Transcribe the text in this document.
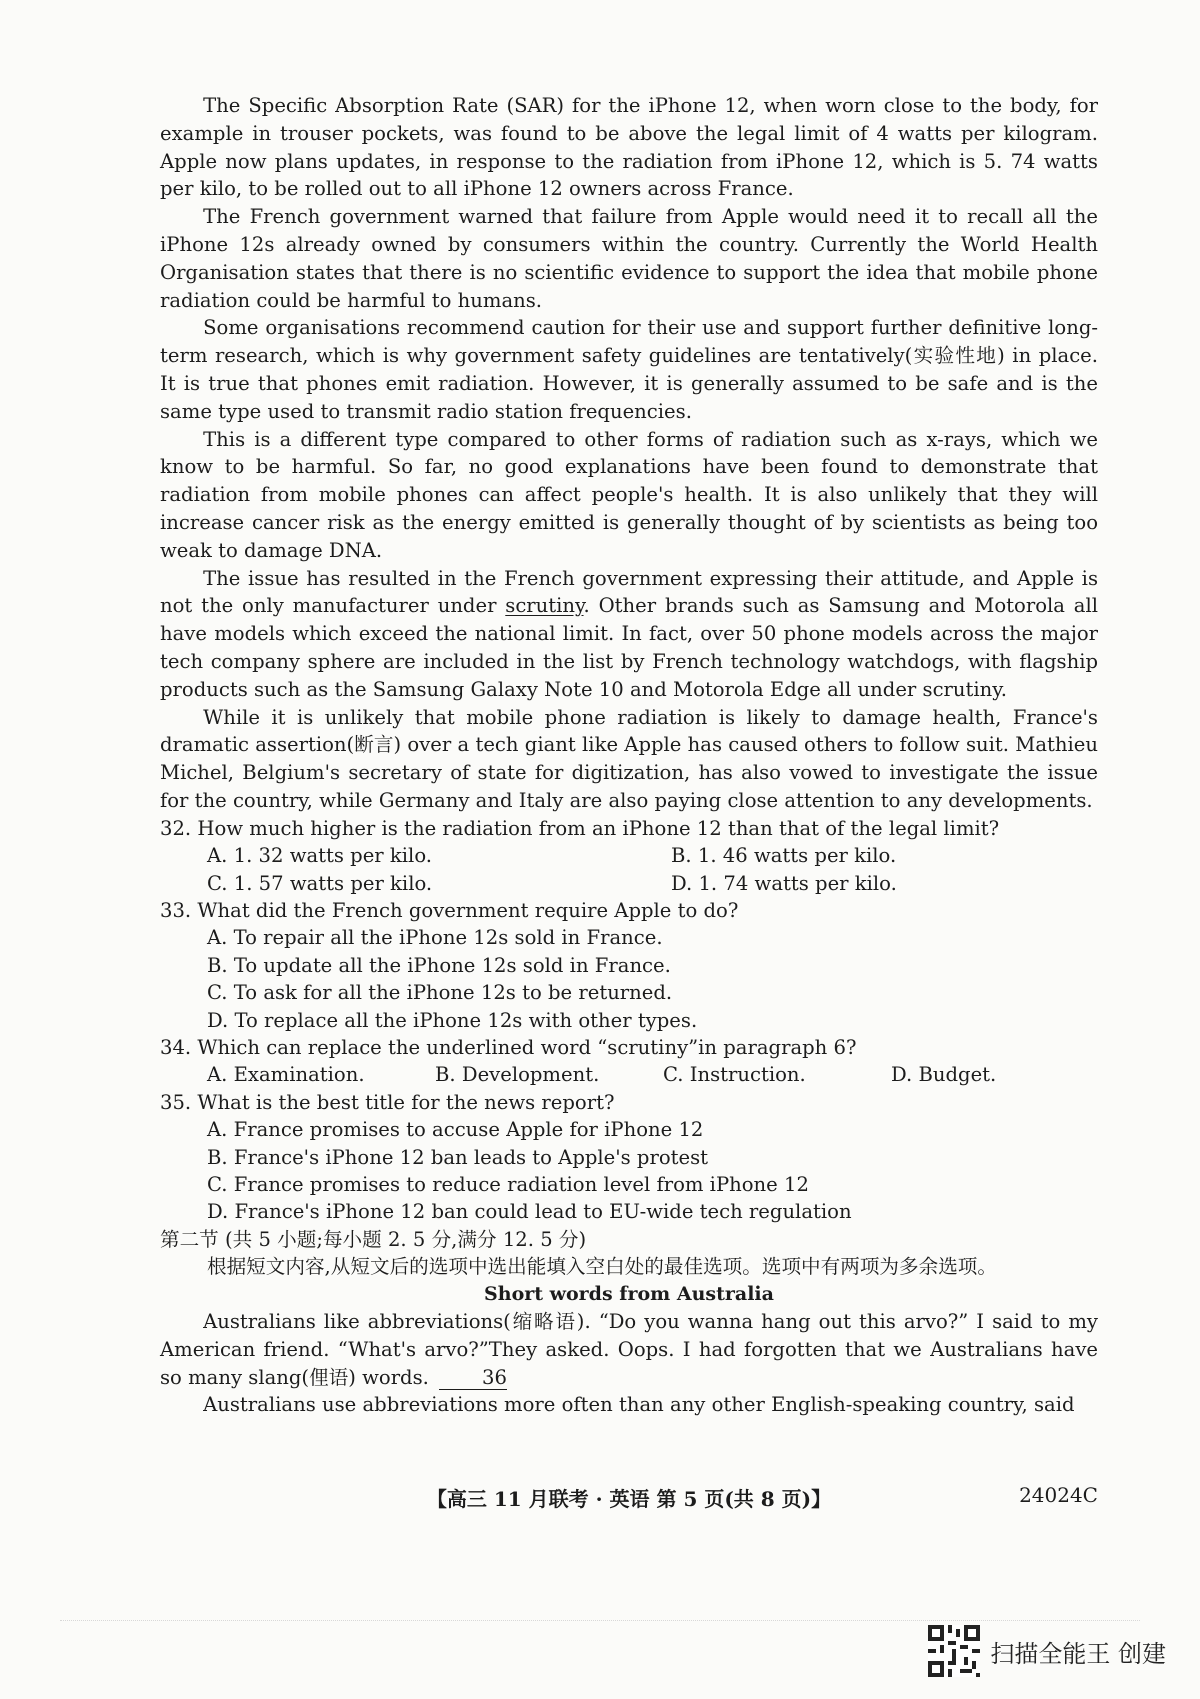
The Specific Absorption Rate (SAR) for the iPhone 12, when worn close to the body, for example in trouser pockets, was found to be above the legal limit of 4 watts per kilogram. Apple now plans updates, in response to the radiation from iPhone 12, which is 5. 74 watts per kilo, to be rolled out to all iPhone 12 owners across France.

The French government warned that failure from Apple would need it to recall all the iPhone 12s already owned by consumers within the country. Currently the World Health Organisation states that there is no scientific evidence to support the idea that mobile phone radiation could be harmful to humans.

Some organisations recommend caution for their use and support further definitive long-term research, which is why government safety guidelines are tentatively(实验性地) in place. It is true that phones emit radiation. However, it is generally assumed to be safe and is the same type used to transmit radio station frequencies.

This is a different type compared to other forms of radiation such as x-rays, which we know to be harmful. So far, no good explanations have been found to demonstrate that radiation from mobile phones can affect people's health. It is also unlikely that they will increase cancer risk as the energy emitted is generally thought of by scientists as being too weak to damage DNA.

The issue has resulted in the French government expressing their attitude, and Apple is not the only manufacturer under scrutiny. Other brands such as Samsung and Motorola all have models which exceed the national limit. In fact, over 50 phone models across the major tech company sphere are included in the list by French technology watchdogs, with flagship products such as the Samsung Galaxy Note 10 and Motorola Edge all under scrutiny.

While it is unlikely that mobile phone radiation is likely to damage health, France's dramatic assertion(断言) over a tech giant like Apple has caused others to follow suit. Mathieu Michel, Belgium's secretary of state for digitization, has also vowed to investigate the issue for the country, while Germany and Italy are also paying close attention to any developments.

32. How much higher is the radiation from an iPhone 12 than that of the legal limit?
A. 1. 32 watts per kilo.	B. 1. 46 watts per kilo.
C. 1. 57 watts per kilo.	D. 1. 74 watts per kilo.
33. What did the French government require Apple to do?
A. To repair all the iPhone 12s sold in France.
B. To update all the iPhone 12s sold in France.
C. To ask for all the iPhone 12s to be returned.
D. To replace all the iPhone 12s with other types.
34. Which can replace the underlined word “scrutiny”in paragraph 6?
A. Examination.	B. Development.	C. Instruction.	D. Budget.
35. What is the best title for the news report?
A. France promises to accuse Apple for iPhone 12
B. France's iPhone 12 ban leads to Apple's protest
C. France promises to reduce radiation level from iPhone 12
D. France's iPhone 12 ban could lead to EU-wide tech regulation
第二节 (共 5 小题;每小题 2. 5 分,满分 12. 5 分)
根据短文内容,从短文后的选项中选出能填入空白处的最佳选项。选项中有两项为多余选项。
Short words from Australia

Australians like abbreviations(缩略语). “Do you wanna hang out this arvo?” I said to my American friend. “What's arvo?”They asked. Oops. I had forgotten that we Australians have so many slang(俚语) words.	36

Australians use abbreviations more often than any other English-speaking country, said

【高三 11 月联考 · 英语 第 5 页(共 8 页)】	24024C
扫描全能王 创建
